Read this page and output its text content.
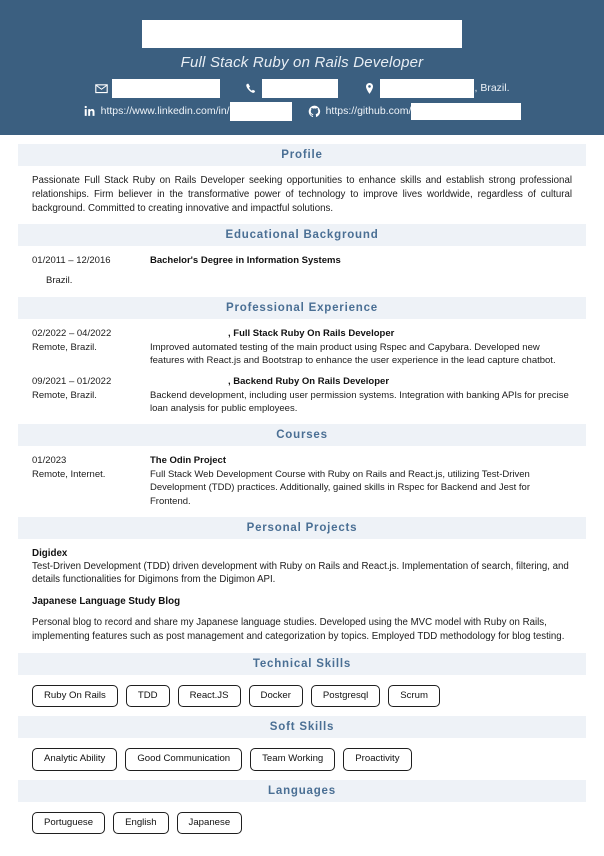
Full Stack Ruby on Rails Developer
, Brazil.
https://www.linkedin.com/in/	https://github.com/
Profile
Passionate Full Stack Ruby on Rails Developer seeking opportunities to enhance skills and establish strong professional relationships. Firm believer in the transformative power of technology to improve lives worldwide, regardless of cultural background. Committed to creating innovative and impactful solutions.
Educational Background
01/2011 – 12/2016
Brazil.
Bachelor's Degree in Information Systems
Professional Experience
02/2022 – 04/2022
Remote, Brazil.
, Full Stack Ruby On Rails Developer
Improved automated testing of the main product using Rspec and Capybara. Developed new features with React.js and Bootstrap to enhance the user experience in the lead capture chatbot.
09/2021 – 01/2022
Remote, Brazil.
, Backend Ruby On Rails Developer
Backend development, including user permission systems. Integration with banking APIs for precise loan analysis for public employees.
Courses
01/2023
Remote, Internet.
The Odin Project
Full Stack Web Development Course with Ruby on Rails and React.js, utilizing Test-Driven Development (TDD) practices. Additionally, gained skills in Rspec for Backend and Jest for Frontend.
Personal Projects
Digidex
Test-Driven Development (TDD) driven development with Ruby on Rails and React.js. Implementation of search, filtering, and details functionalities for Digimons from the Digimon API.
Japanese Language Study Blog
Personal blog to record and share my Japanese language studies. Developed using the MVC model with Ruby on Rails, implementing features such as post management and categorization by topics. Employed TDD methodology for blog testing.
Technical Skills
Ruby On Rails	TDD	React.JS	Docker	Postgresql	Scrum
Soft Skills
Analytic Ability	Good Communication	Team Working	Proactivity
Languages
Portuguese	English	Japanese
